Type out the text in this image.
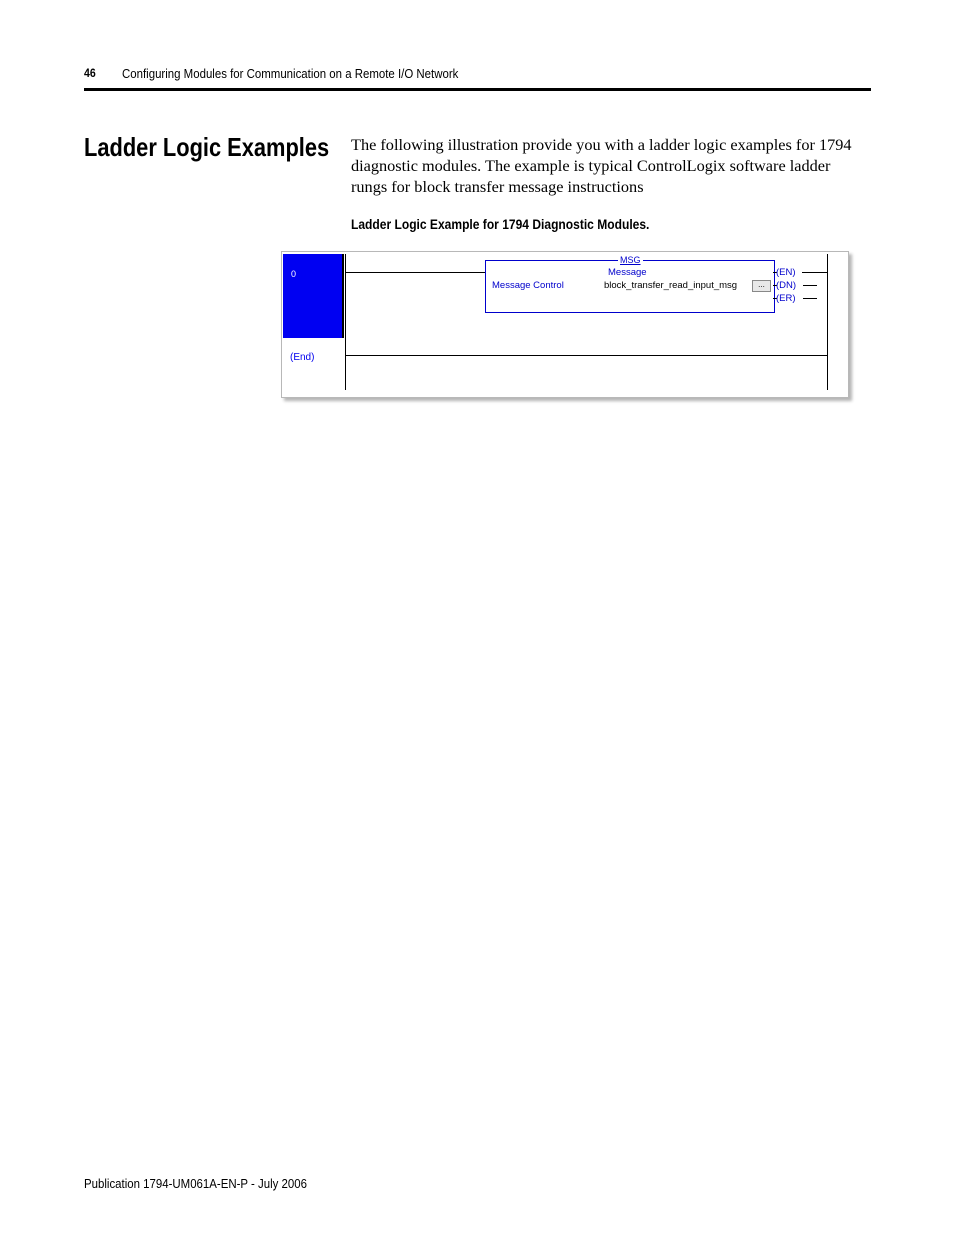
46 Configuring Modules for Communication on a Remote I/O Network
Ladder Logic Examples The following illustration provide you with a ladder logic examples for 1794 diagnostic modules. The example is typical ControlLogix software ladder rungs for block transfer message instructions

Ladder Logic Example for 1794 Diagnostic Modules.
0
(End)
MSG
Message
Message Control	block_transfer_read_input_msg	...
(EN)
(DN)
(ER)
Publication 1794-UM061A-EN-P - July 2006
